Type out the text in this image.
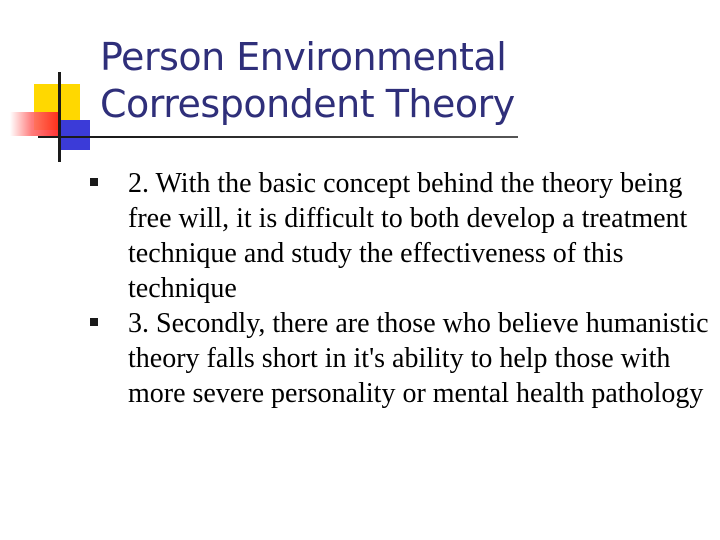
Person Environmental Correspondent Theory
2. With the basic concept behind the theory being free will, it is difficult to both develop a treatment technique and study the effectiveness of this technique
3. Secondly, there are those who believe humanistic theory falls short in it's ability to help those with more severe personality or mental health pathology
